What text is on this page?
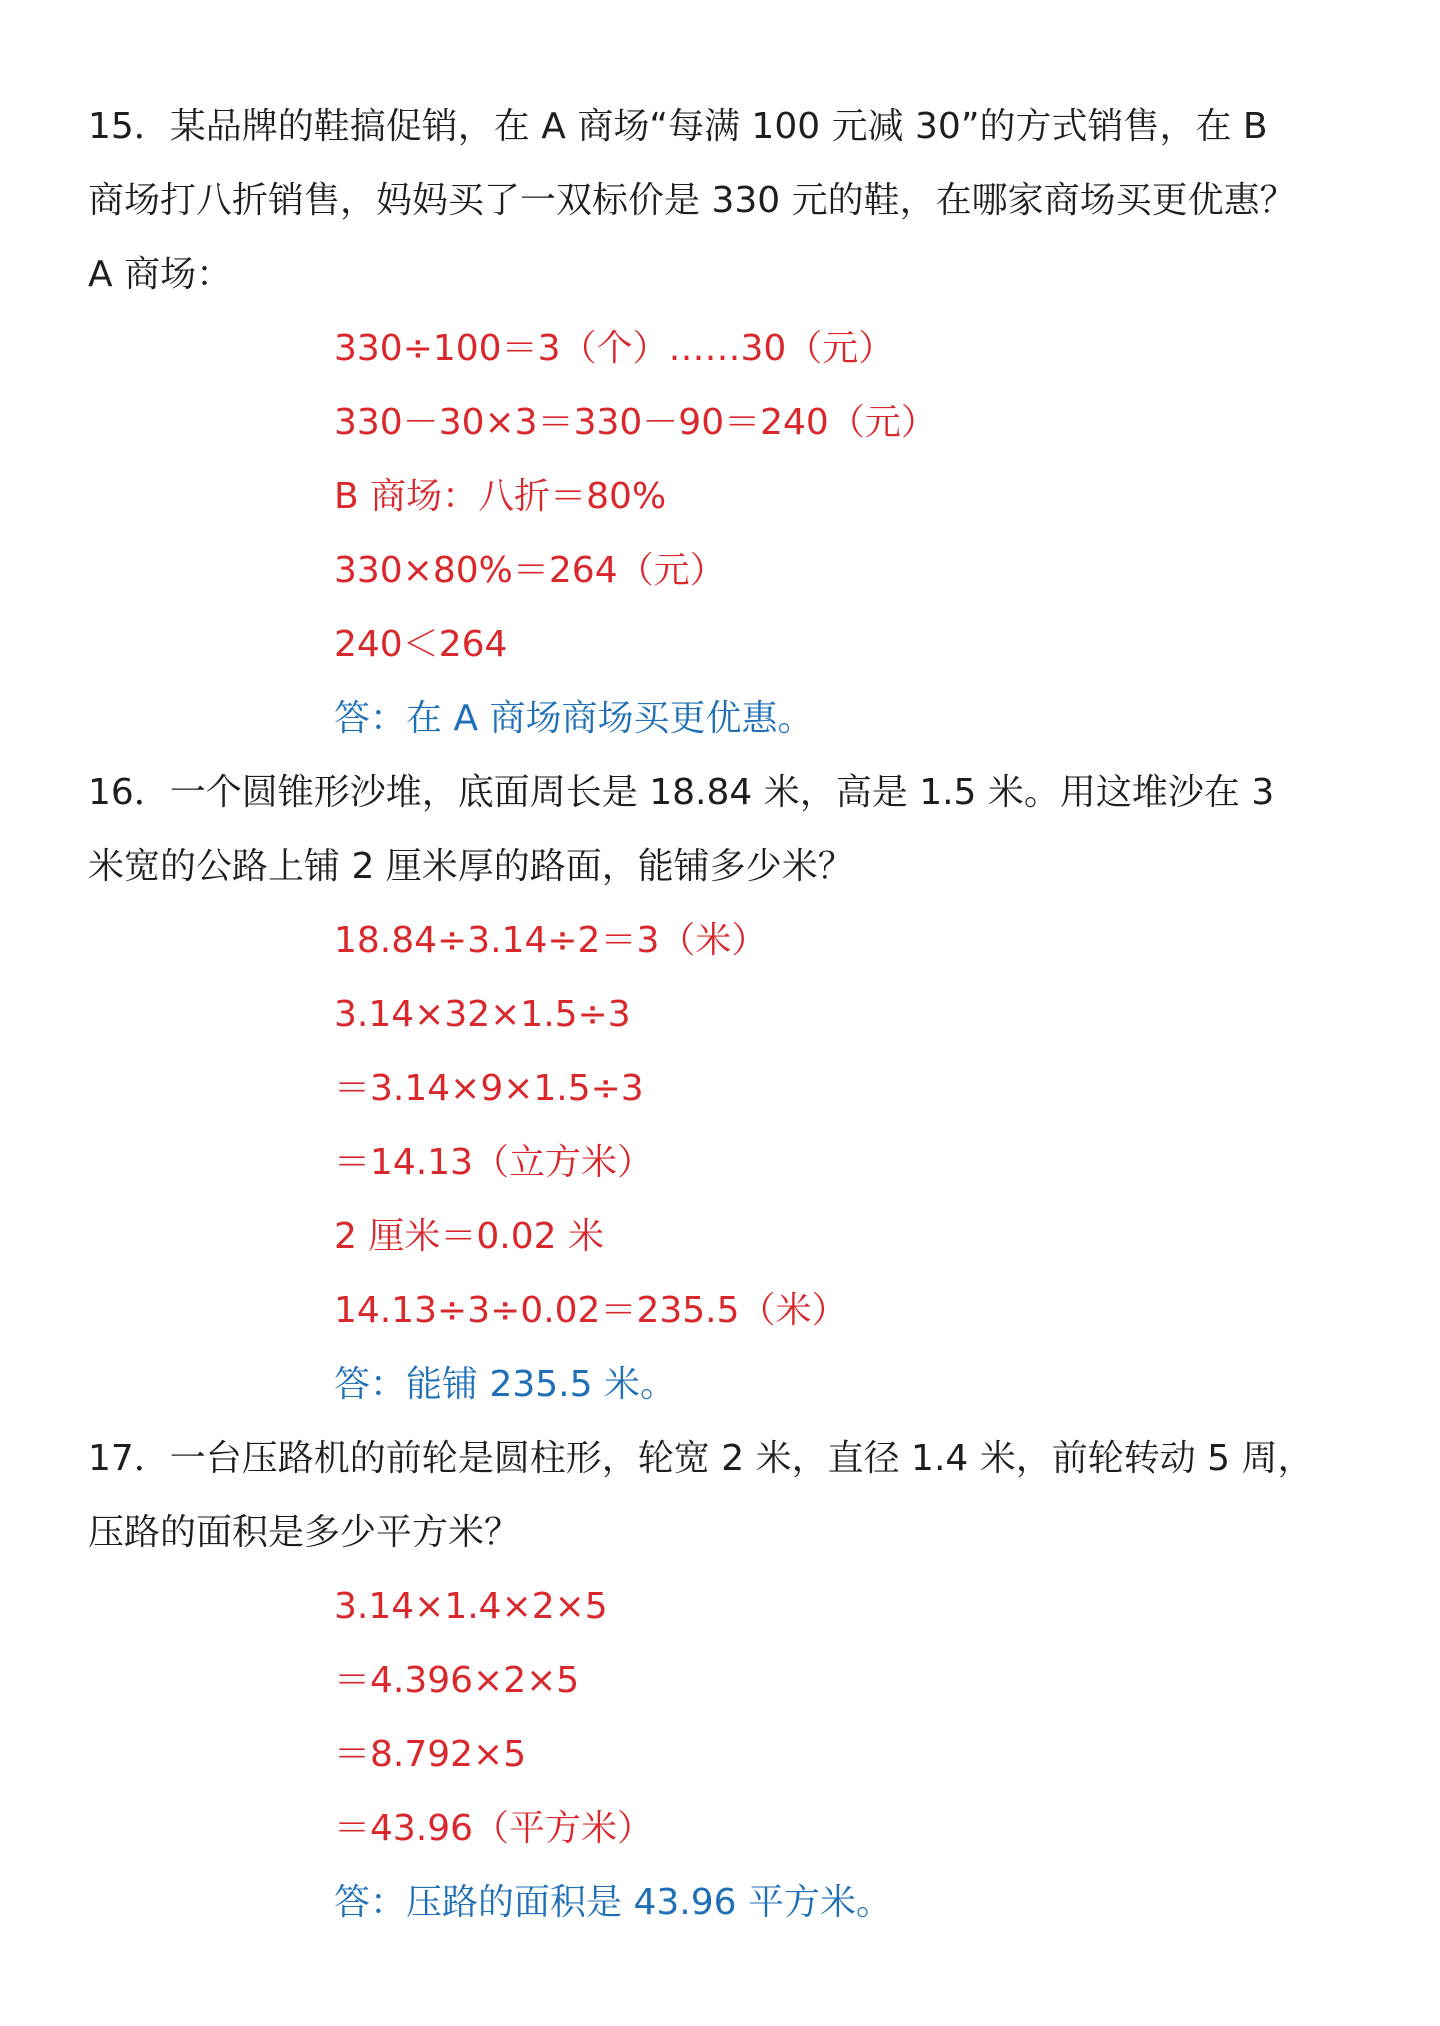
15．某品牌的鞋搞促销，在 A 商场“每满 100 元减 30”的方式销售，在 B
商场打八折销售，妈妈买了一双标价是 330 元的鞋，在哪家商场买更优惠？
A 商场：
330÷100＝3（个）……30（元）
330－30×3＝330－90＝240（元）
B 商场：八折＝80%
330×80%＝264（元）
240＜264
答：在 A 商场商场买更优惠。
16．一个圆锥形沙堆，底面周长是 18.84 米，高是 1.5 米。用这堆沙在 3
米宽的公路上铺 2 厘米厚的路面，能铺多少米？
18.84÷3.14÷2＝3（米）
3.14×32×1.5÷3
＝3.14×9×1.5÷3
＝14.13（立方米）
2 厘米＝0.02 米
14.13÷3÷0.02＝235.5（米）
答：能铺 235.5 米。
17．一台压路机的前轮是圆柱形，轮宽 2 米，直径 1.4 米，前轮转动 5 周，
压路的面积是多少平方米？
3.14×1.4×2×5
＝4.396×2×5
＝8.792×5
＝43.96（平方米）
答：压路的面积是 43.96 平方米。
